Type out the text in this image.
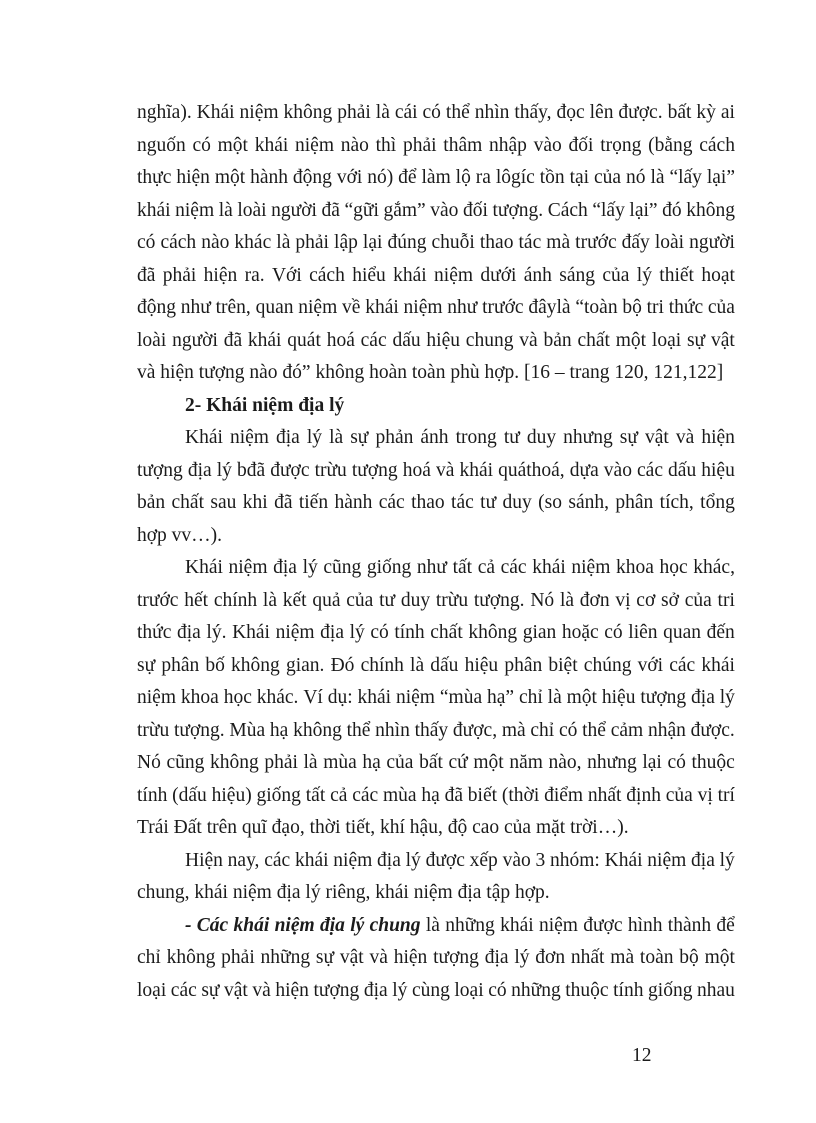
nghĩa). Khái niệm không phải là cái có thể nhìn thấy, đọc lên được. bất kỳ ai
nguốn có một khái niệm nào thì phải thâm nhập vào đối trọng (bằng cách
thực hiện một hành động với nó) để làm lộ ra lôgíc tồn tại của nó là “lấy lại”
khái niệm là loài người đã “gữi gắm” vào đối tượng. Cách “lấy lại” đó không
có cách nào khác là phải lập lại đúng chuỗi thao tác mà trước đấy loài người
đã phải hiện ra. Với cách hiểu khái niệm dưới ánh sáng của lý thiết hoạt
động như trên, quan niệm về khái niệm như trước đâylà “toàn bộ tri thức của
loài người đã khái quát hoá các dấu hiệu chung và bản chất một loại sự vật
và hiện tượng nào đó” không hoàn toàn phù hợp. [16 – trang 120, 121,122]
2- Khái niệm địa lý
Khái niệm địa lý là sự phản ánh trong tư duy nhưng sự vật và hiện
tượng địa lý bđã được trừu tượng hoá và khái quáthoá, dựa vào các dấu hiệu
bản chất sau khi đã tiến hành các thao tác tư duy (so sánh, phân tích, tổng
hợp vv…).
Khái niệm địa lý cũng giống như tất cả các khái niệm khoa học khác,
trước hết chính là kết quả của tư duy trừu tượng. Nó là đơn vị cơ sở của tri
thức địa lý. Khái niệm địa lý có tính chất không gian hoặc có liên quan đến
sự phân bố không gian. Đó chính là dấu hiệu phân biệt chúng với các khái
niệm khoa học khác. Ví dụ: khái niệm “mùa hạ” chỉ là một hiệu tượng địa lý
trừu tượng. Mùa hạ không thể nhìn thấy được, mà chỉ có thể cảm nhận được.
Nó cũng không phải là mùa hạ của bất cứ một năm nào, nhưng lại có thuộc
tính (dấu hiệu) giống tất cả các mùa hạ đã biết (thời điểm nhất định của vị trí
Trái Đất trên quĩ đạo, thời tiết, khí hậu, độ cao của mặt trời…).
Hiện nay, các khái niệm địa lý được xếp vào 3 nhóm: Khái niệm địa lý
chung, khái niệm địa lý riêng, khái niệm địa tập hợp.
- Các khái niệm địa lý chung là những khái niệm được hình thành để
chỉ không phải những sự vật và hiện tượng địa lý đơn nhất mà toàn bộ một
loại các sự vật và hiện tượng địa lý cùng loại có những thuộc tính giống nhau
12
